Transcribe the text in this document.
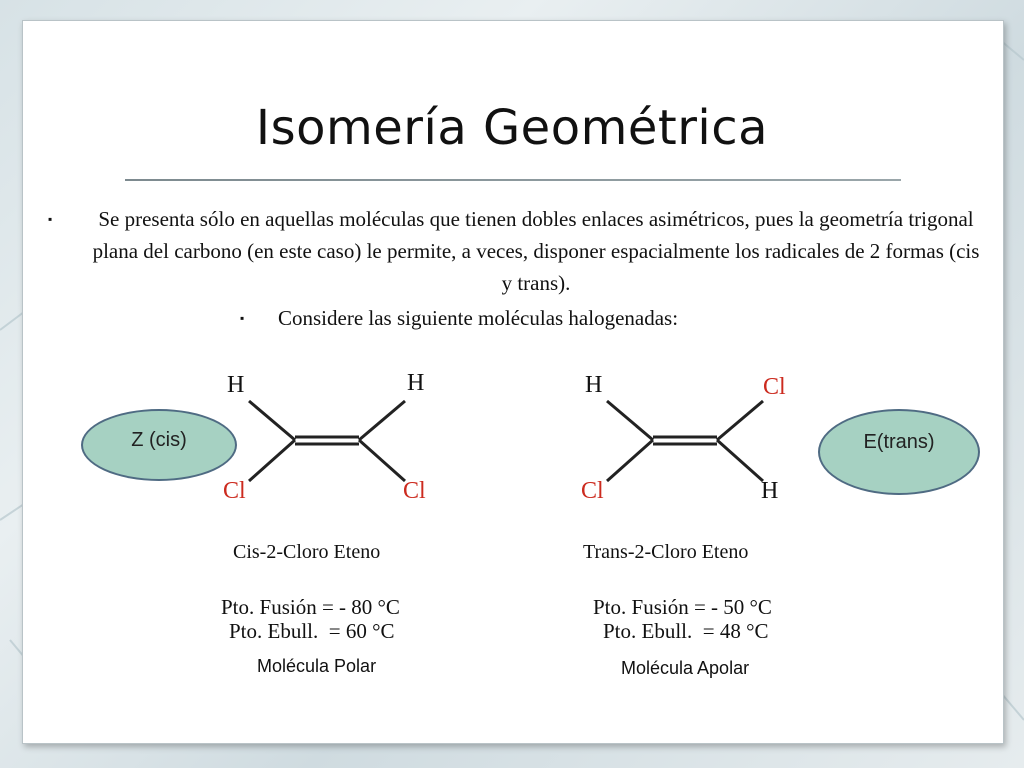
Isomería Geométrica
▪	Se presenta sólo en aquellas moléculas que tienen dobles enlaces asimétricos, pues la geometría trigonal plana del carbono (en este caso) le permite, a veces, disponer espacialmente los radicales de 2 formas (cis y trans).
▪	Considere las siguiente moléculas halogenadas:
H	H
Cl	Cl
H	Cl
Cl	H
Cis-2-Cloro Eteno	Trans-2-Cloro Eteno
Pto. Fusión = - 80 °C
Pto. Ebull.  = 60 °C
Pto. Fusión = - 50 °C
Pto. Ebull.  = 48 °C
Molécula Polar	Molécula Apolar
Z (cis)	E(trans)
